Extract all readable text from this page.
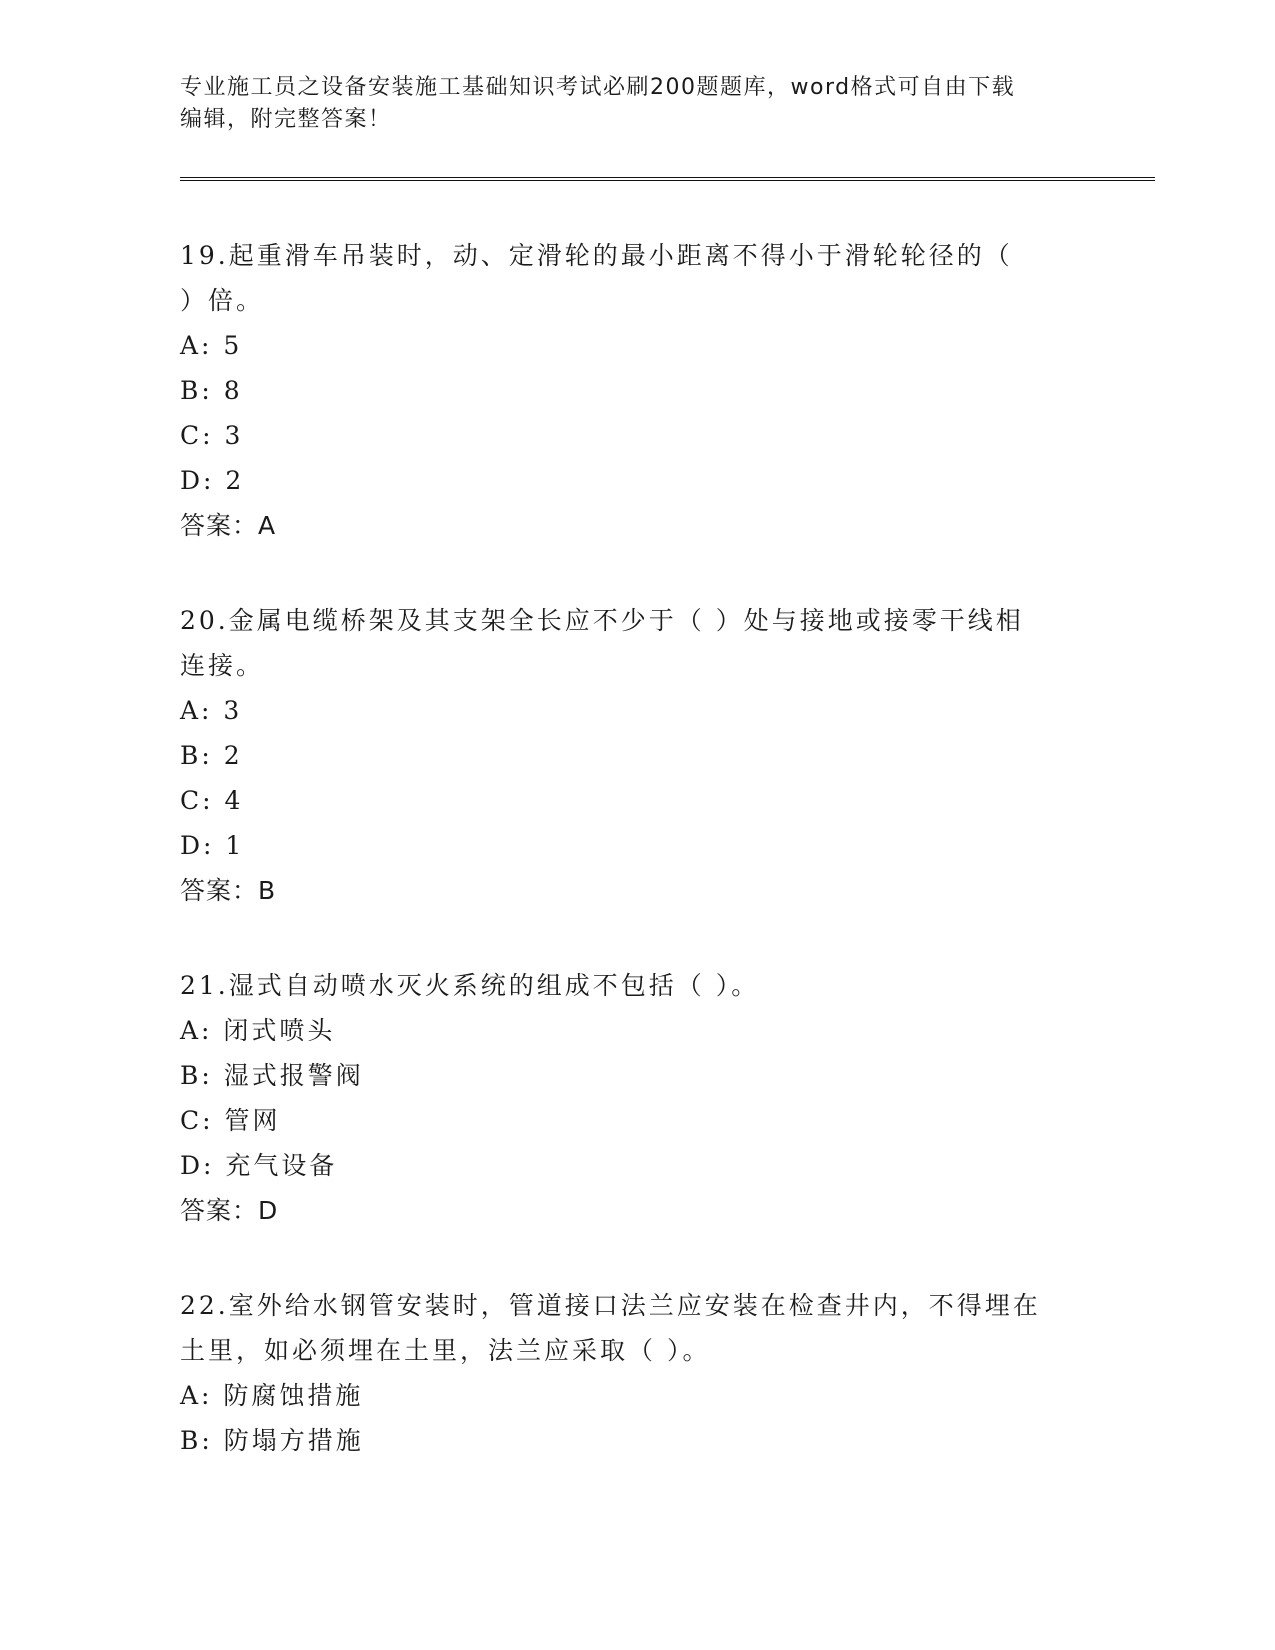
专业施工员之设备安装施工基础知识考试必刷200题题库，word格式可自由下载
编辑，附完整答案！

19.起重滑车吊装时，动、定滑轮的最小距离不得小于滑轮轮径的（
）倍。

A: 5

B: 8

C: 3

D: 2

答案：A

20.金属电缆桥架及其支架全长应不少于（ ）处与接地或接零干线相
连接。

A: 3

B: 2

C: 4

D: 1

答案：B

21.湿式自动喷水灭火系统的组成不包括（ ）。

A: 闭式喷头

B: 湿式报警阀

C: 管网

D: 充气设备

答案：D

22.室外给水钢管安装时，管道接口法兰应安装在检查井内，不得埋在
土里，如必须埋在土里，法兰应采取（ ）。

A: 防腐蚀措施

B: 防塌方措施
